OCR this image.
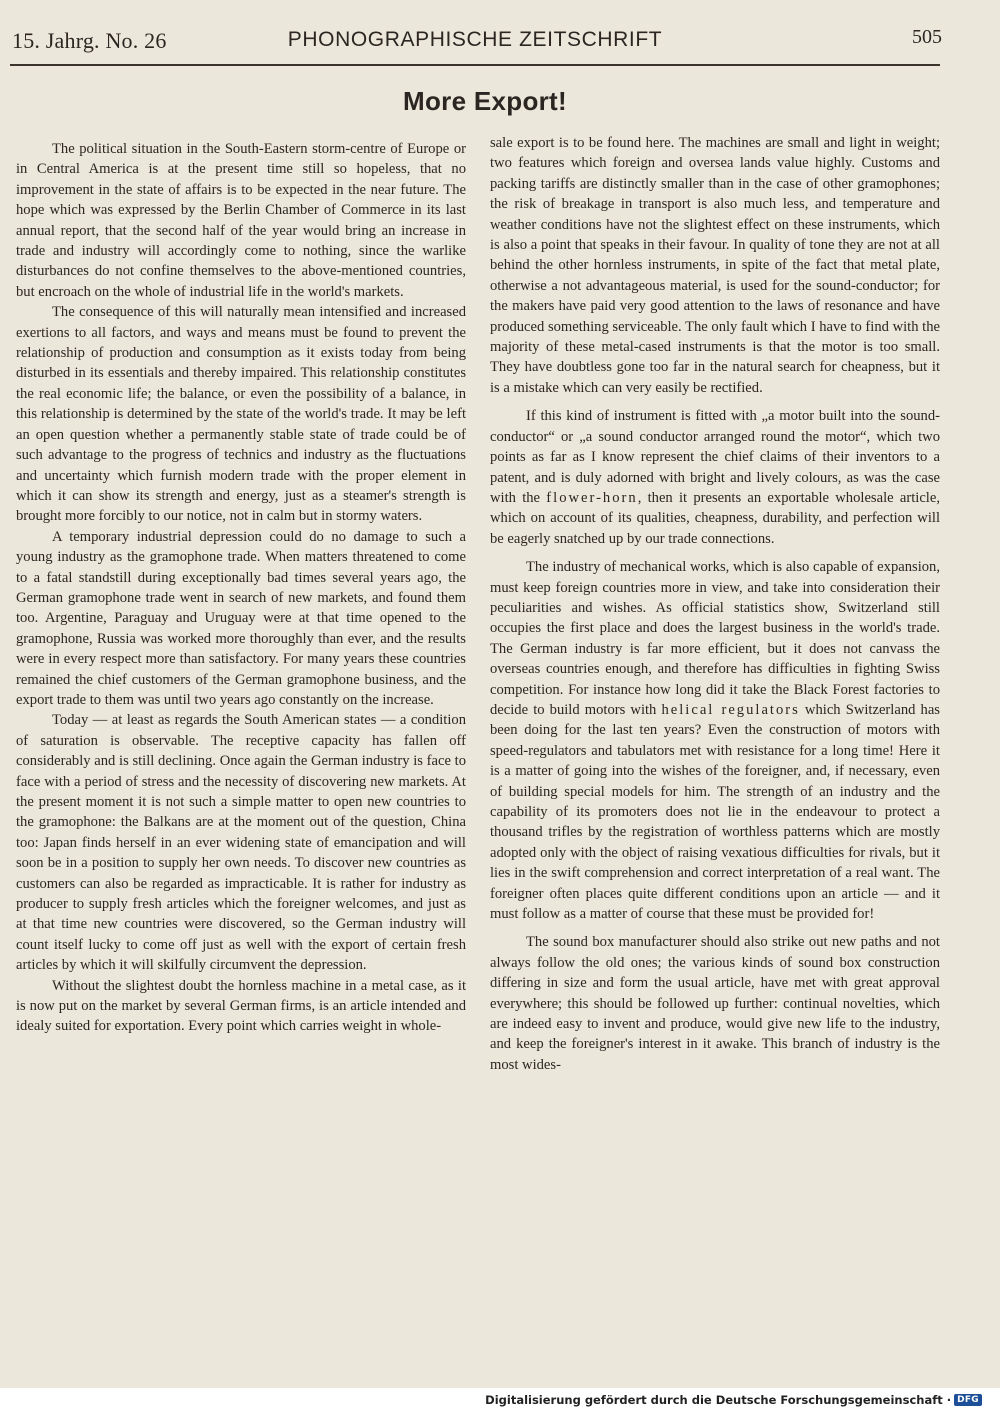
15. Jahrg. No. 26	PHONOGRAPHISCHE ZEITSCHRIFT	505
More Export!

The political situation in the South-Eastern storm-centre of Europe or in Central America is at the present time still so hopeless, that no improvement in the state of affairs is to be expected in the near future. The hope which was expressed by the Berlin Chamber of Commerce in its last annual report, that the second half of the year would bring an increase in trade and industry will accordingly come to nothing, since the warlike disturbances do not confine themselves to the above-mentioned countries, but encroach on the whole of industrial life in the world's markets.

The consequence of this will naturally mean intensified and increased exertions to all factors, and ways and means must be found to prevent the relationship of production and consumption as it exists today from being disturbed in its essentials and thereby impaired. This relationship constitutes the real economic life; the balance, or even the possibility of a balance, in this relationship is determined by the state of the world's trade. It may be left an open question whether a permanently stable state of trade could be of such advantage to the progress of technics and industry as the fluctuations and uncertainty which furnish modern trade with the proper element in which it can show its strength and energy, just as a steamer's strength is brought more forcibly to our notice, not in calm but in stormy waters.

A temporary industrial depression could do no damage to such a young industry as the gramophone trade. When matters threatened to come to a fatal standstill during exceptionally bad times several years ago, the German gramophone trade went in search of new markets, and found them too. Argentine, Paraguay and Uruguay were at that time opened to the gramophone, Russia was worked more thoroughly than ever, and the results were in every respect more than satisfactory. For many years these countries remained the chief customers of the German gramophone business, and the export trade to them was until two years ago constantly on the increase.

Today — at least as regards the South American states — a condition of saturation is observable. The receptive capacity has fallen off considerably and is still declining. Once again the German industry is face to face with a period of stress and the necessity of discovering new markets. At the present moment it is not such a simple matter to open new countries to the gramophone: the Balkans are at the moment out of the question, China too: Japan finds herself in an ever widening state of emancipation and will soon be in a position to supply her own needs. To discover new countries as customers can also be regarded as impracticable. It is rather for industry as producer to supply fresh articles which the foreigner welcomes, and just as at that time new countries were discovered, so the German industry will count itself lucky to come off just as well with the export of certain fresh articles by which it will skilfully circumvent the depression.

Without the slightest doubt the hornless machine in a metal case, as it is now put on the market by several German firms, is an article intended and idealy suited for exportation. Every point which carries weight in whole-

sale export is to be found here. The machines are small and light in weight; two features which foreign and oversea lands value highly. Customs and packing tariffs are distinctly smaller than in the case of other gramophones; the risk of breakage in transport is also much less, and temperature and weather conditions have not the slightest effect on these instruments, which is also a point that speaks in their favour. In quality of tone they are not at all behind the other hornless instruments, in spite of the fact that metal plate, otherwise a not advantageous material, is used for the sound-conductor; for the makers have paid very good attention to the laws of resonance and have produced something serviceable. The only fault which I have to find with the majority of these metal-cased instruments is that the motor is too small. They have doubtless gone too far in the natural search for cheapness, but it is a mistake which can very easily be rectified.

If this kind of instrument is fitted with „a motor built into the sound-conductor“ or „a sound conductor arranged round the motor“, which two points as far as I know represent the chief claims of their inventors to a patent, and is duly adorned with bright and lively colours, as was the case with the flower-horn, then it presents an exportable wholesale article, which on account of its qualities, cheapness, durability, and perfection will be eagerly snatched up by our trade connections.

The industry of mechanical works, which is also capable of expansion, must keep foreign countries more in view, and take into consideration their peculiarities and wishes. As official statistics show, Switzerland still occupies the first place and does the largest business in the world's trade. The German industry is far more efficient, but it does not canvass the overseas countries enough, and therefore has difficulties in fighting Swiss competition. For instance how long did it take the Black Forest factories to decide to build motors with helical regulators which Switzerland has been doing for the last ten years? Even the construction of motors with speed-regulators and tabulators met with resistance for a long time! Here it is a matter of going into the wishes of the foreigner, and, if necessary, even of building special models for him. The strength of an industry and the capability of its promoters does not lie in the endeavour to protect a thousand trifles by the registration of worthless patterns which are mostly adopted only with the object of raising vexatious difficulties for rivals, but it lies in the swift comprehension and correct interpretation of a real want. The foreigner often places quite different conditions upon an article — and it must follow as a matter of course that these must be provided for!

The sound box manufacturer should also strike out new paths and not always follow the old ones; the various kinds of sound box construction differing in size and form the usual article, have met with great approval everywhere; this should be followed up further: continual novelties, which are indeed easy to invent and produce, would give new life to the industry, and keep the foreigner's interest in it awake. This branch of industry is the most wides-

Digitalisierung gefördert durch die Deutsche Forschungsgemeinschaft · DFG
